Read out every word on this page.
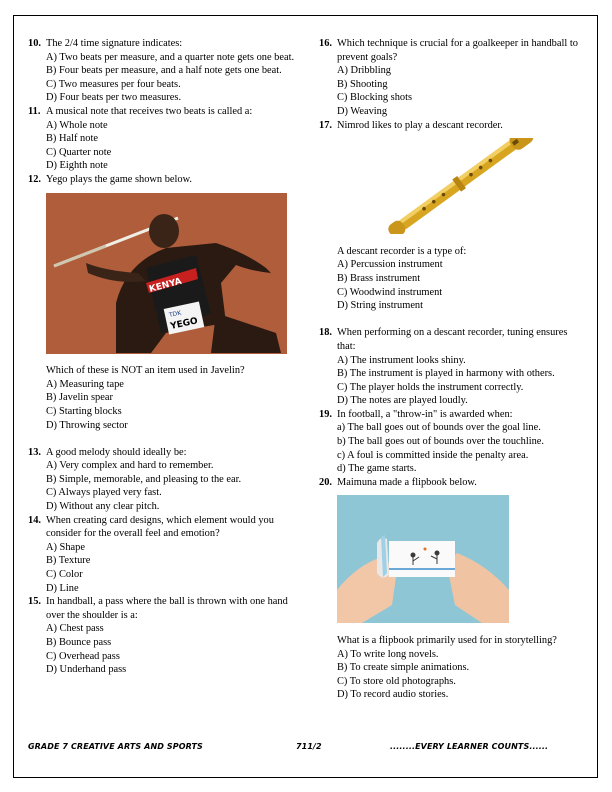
10. The 2/4 time signature indicates:
A) Two beats per measure, and a quarter note gets one beat.
B) Four beats per measure, and a half note gets one beat.
C) Two measures per four beats.
D) Four beats per two measures.
11. A musical note that receives two beats is called a:
A) Whole note
B) Half note
C) Quarter note
D) Eighth note
12. Yego plays the game shown below.
KENYA
TDK
YEGO
Which of these is NOT an item used in Javelin?
A) Measuring tape
B) Javelin spear
C) Starting blocks
D) Throwing sector
13. A good melody should ideally be:
A) Very complex and hard to remember.
B) Simple, memorable, and pleasing to the ear.
C) Always played very fast.
D) Without any clear pitch.
14. When creating card designs, which element would you consider for the overall feel and emotion?
A) Shape
B) Texture
C) Color
D) Line
15. In handball, a pass where the ball is thrown with one hand over the shoulder is a:
A) Chest pass
B) Bounce pass
C) Overhead pass
D) Underhand pass
16. Which technique is crucial for a goalkeeper in handball to prevent goals?
A) Dribbling
B) Shooting
C) Blocking shots
D) Weaving
17. Nimrod likes to play a descant recorder.
A descant recorder is a type of:
A) Percussion instrument
B) Brass instrument
C) Woodwind instrument
D) String instrument
18. When performing on a descant recorder, tuning ensures that:
A) The instrument looks shiny.
B) The instrument is played in harmony with others.
C) The player holds the instrument correctly.
D) The notes are played loudly.
19. In football, a "throw-in" is awarded when:
a) The ball goes out of bounds over the goal line.
b) The ball goes out of bounds over the touchline.
c) A foul is committed inside the penalty area.
d) The game starts.
20. Maimuna made a flipbook below.
What is a flipbook primarily used for in storytelling?
A) To write long novels.
B) To create simple animations.
C) To store old photographs.
D) To record audio stories.
GRADE 7 CREATIVE ARTS AND SPORTS	711/2	........EVERY LEARNER COUNTS......
